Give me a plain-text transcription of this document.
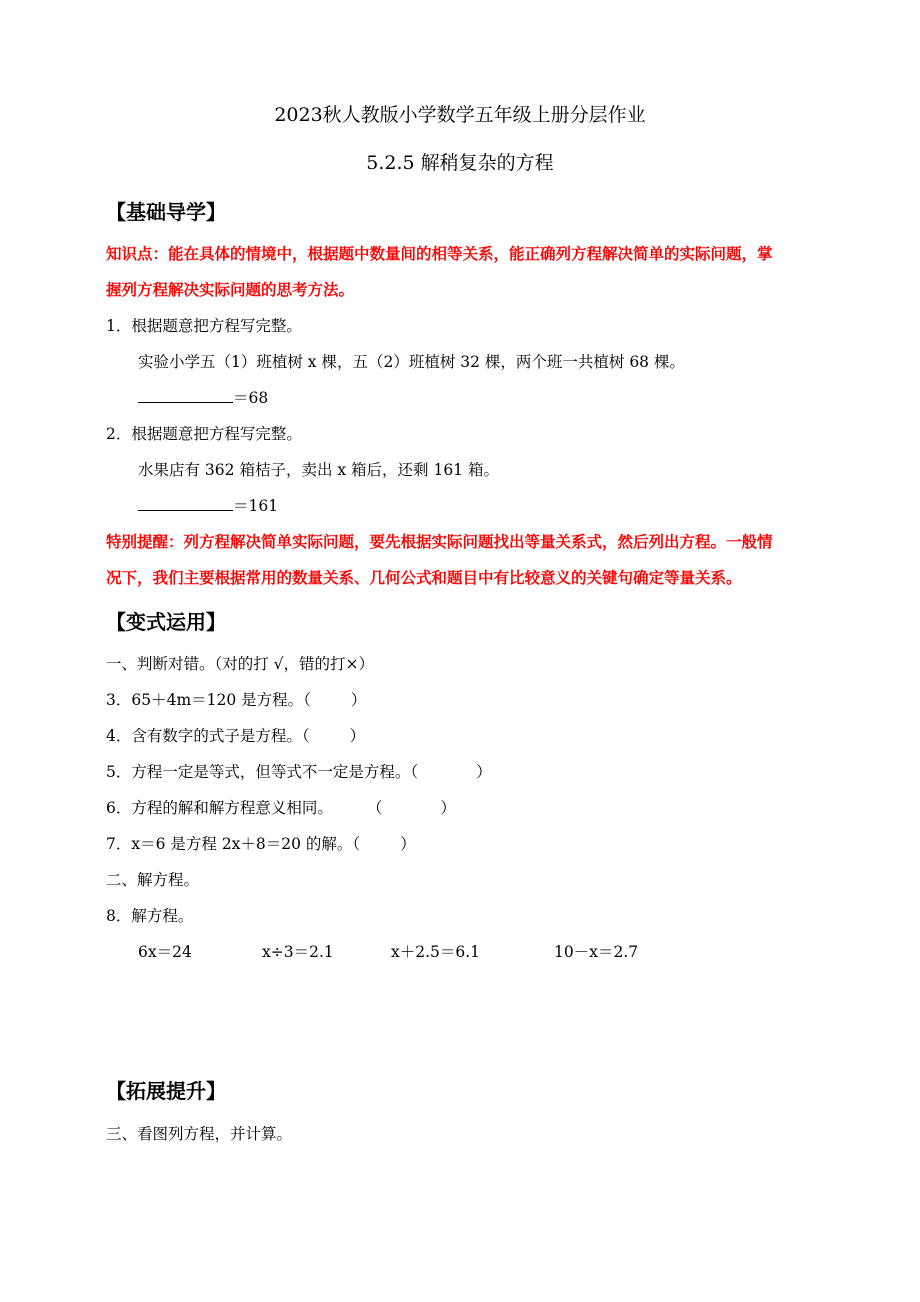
2023秋人教版小学数学五年级上册分层作业
5.2.5 解稍复杂的方程
【基础导学】
知识点：能在具体的情境中，根据题中数量间的相等关系，能正确列方程解决简单的实际问题，掌
握列方程解决实际问题的思考方法。
1．根据题意把方程写完整。
实验小学五（1）班植树 x 棵，五（2）班植树 32 棵，两个班一共植树 68 棵。
＝68
2．根据题意把方程写完整。
水果店有 362 箱桔子，卖出 x 箱后，还剩 161 箱。
＝161
特别提醒：列方程解决简单实际问题，要先根据实际问题找出等量关系式，然后列出方程。一般情
况下，我们主要根据常用的数量关系、几何公式和题目中有比较意义的关键句确定等量关系。
【变式运用】
一、判断对错。（对的打 √，错的打×）
3．65＋4m＝120 是方程。（	）
4．含有数字的式子是方程。（	）
5．方程一定是等式，但等式不一定是方程。（	）
6．方程的解和解方程意义相同。 （	）
7．x＝6 是方程 2x＋8＝20 的解。（	）
二、解方程。
8．解方程。
6x＝24	x÷3＝2.1	x＋2.5＝6.1	10－x＝2.7
【拓展提升】
三、看图列方程，并计算。
